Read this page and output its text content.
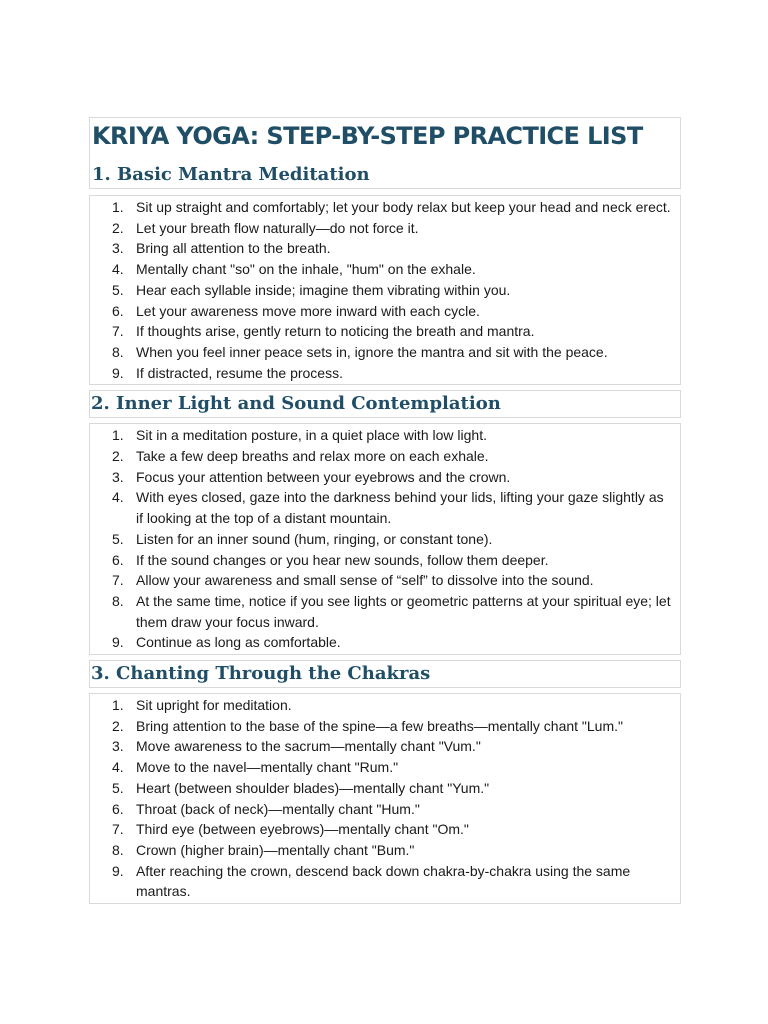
KRIYA YOGA: STEP-BY-STEP PRACTICE LIST
1. Basic Mantra Meditation
1. Sit up straight and comfortably; let your body relax but keep your head and neck erect.
2. Let your breath flow naturally—do not force it.
3. Bring all attention to the breath.
4. Mentally chant "so" on the inhale, "hum" on the exhale.
5. Hear each syllable inside; imagine them vibrating within you.
6. Let your awareness move more inward with each cycle.
7. If thoughts arise, gently return to noticing the breath and mantra.
8. When you feel inner peace sets in, ignore the mantra and sit with the peace.
9. If distracted, resume the process.
2. Inner Light and Sound Contemplation
1. Sit in a meditation posture, in a quiet place with low light.
2. Take a few deep breaths and relax more on each exhale.
3. Focus your attention between your eyebrows and the crown.
4. With eyes closed, gaze into the darkness behind your lids, lifting your gaze slightly as if looking at the top of a distant mountain.
5. Listen for an inner sound (hum, ringing, or constant tone).
6. If the sound changes or you hear new sounds, follow them deeper.
7. Allow your awareness and small sense of “self” to dissolve into the sound.
8. At the same time, notice if you see lights or geometric patterns at your spiritual eye; let them draw your focus inward.
9. Continue as long as comfortable.
3. Chanting Through the Chakras
1. Sit upright for meditation.
2. Bring attention to the base of the spine—a few breaths—mentally chant "Lum."
3. Move awareness to the sacrum—mentally chant "Vum."
4. Move to the navel—mentally chant "Rum."
5. Heart (between shoulder blades)—mentally chant "Yum."
6. Throat (back of neck)—mentally chant "Hum."
7. Third eye (between eyebrows)—mentally chant "Om."
8. Crown (higher brain)—mentally chant "Bum."
9. After reaching the crown, descend back down chakra-by-chakra using the same mantras.
